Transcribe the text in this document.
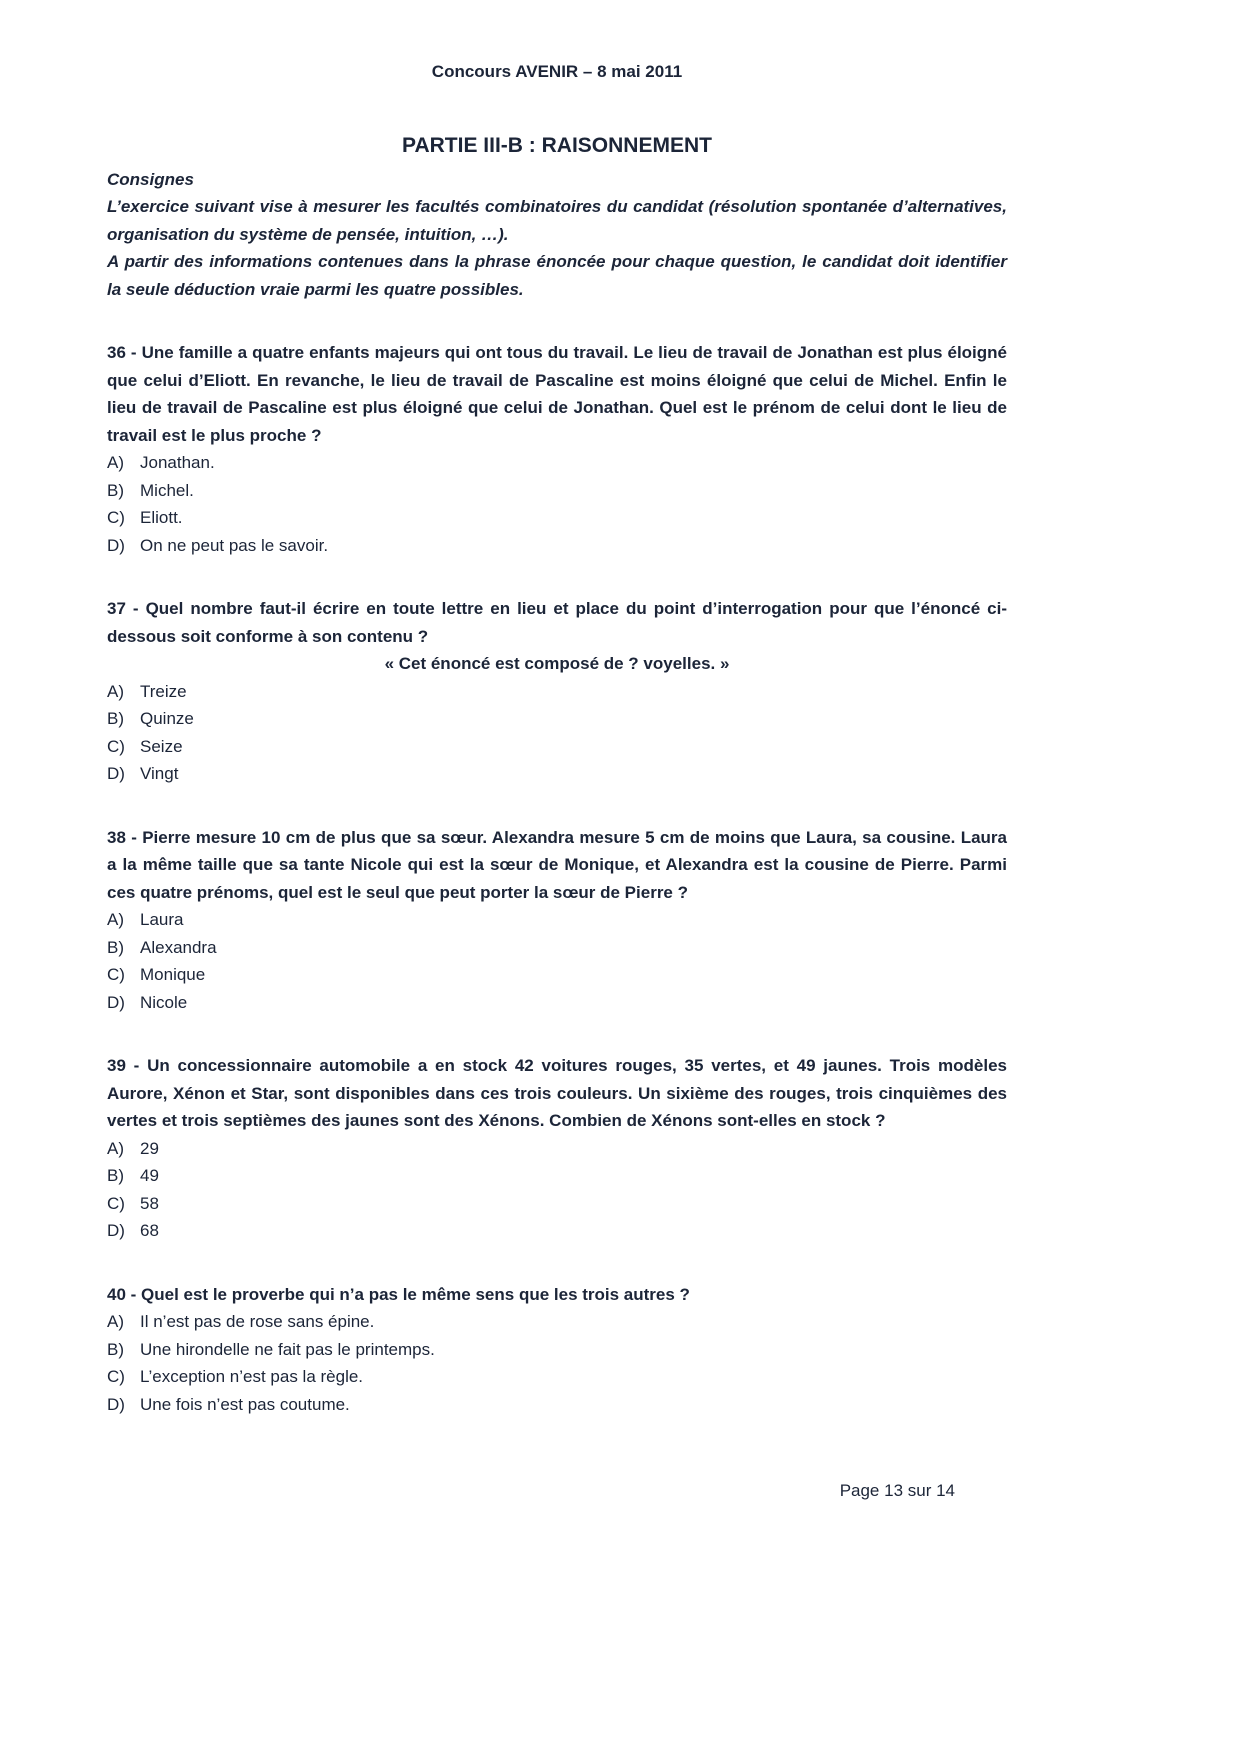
Concours AVENIR – 8 mai 2011

PARTIE III-B : RAISONNEMENT

Consignes

L’exercice suivant vise à mesurer les facultés combinatoires du candidat (résolution spontanée d’alternatives, organisation du système de pensée, intuition, …).

A partir des informations contenues dans la phrase énoncée pour chaque question, le candidat doit identifier la seule déduction vraie parmi les quatre possibles.

36 - Une famille a quatre enfants majeurs qui ont tous du travail. Le lieu de travail de Jonathan est plus éloigné que celui d’Eliott. En revanche, le lieu de travail de Pascaline est moins éloigné que celui de Michel. Enfin le lieu de travail de Pascaline est plus éloigné que celui de Jonathan. Quel est le prénom de celui dont le lieu de travail est le plus proche ?

A) Jonathan.
B) Michel.
C) Eliott.
D) On ne peut pas le savoir.

37 - Quel nombre faut-il écrire en toute lettre en lieu et place du point d’interrogation pour que l’énoncé ci-dessous soit conforme à son contenu ?

« Cet énoncé est composé de ? voyelles. »

A) Treize
B) Quinze
C) Seize
D) Vingt

38 - Pierre mesure 10 cm de plus que sa sœur. Alexandra mesure 5 cm de moins que Laura, sa cousine. Laura a la même taille que sa tante Nicole qui est la sœur de Monique, et Alexandra est la cousine de Pierre. Parmi ces quatre prénoms, quel est le seul que peut porter la sœur de Pierre ?

A) Laura
B) Alexandra
C) Monique
D) Nicole

39 - Un concessionnaire automobile a en stock 42 voitures rouges, 35 vertes, et 49 jaunes. Trois modèles Aurore, Xénon et Star, sont disponibles dans ces trois couleurs. Un sixième des rouges, trois cinquièmes des vertes et trois septièmes des jaunes sont des Xénons. Combien de Xénons sont-elles en stock ?

A) 29
B) 49
C) 58
D) 68

40 - Quel est le proverbe qui n’a pas le même sens que les trois autres ?

A) Il n’est pas de rose sans épine.
B) Une hirondelle ne fait pas le printemps.
C) L’exception n’est pas la règle.
D) Une fois n’est pas coutume.

Page 13 sur 14
